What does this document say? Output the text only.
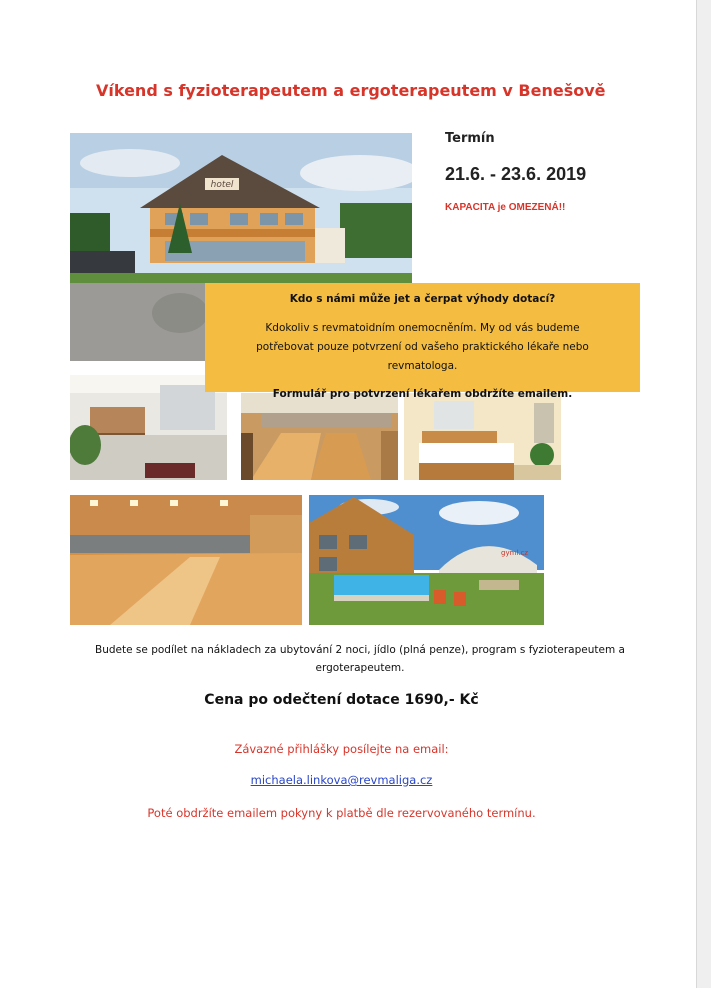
Víkend s fyzioterapeutem a ergoterapeutem v Benešově
hotel
Termín
21.6. - 23.6. 2019
KAPACITA je OMEZENÁ!!
Kdo s námi může jet a čerpat výhody dotací?
Kdokoliv s revmatoidním onemocněním. My od vás budeme potřebovat pouze potvrzení od vašeho praktického lékaře nebo revmatologa.
Formulář pro potvrzení lékařem obdržíte emailem.
gyml.cz
Budete se podílet na nákladech za ubytování 2 noci, jídlo (plná penze), program s fyzioterapeutem a ergoterapeutem.
Cena po odečtení dotace 1690,- Kč
Závazné přihlášky posílejte na email:
michaela.linkova@revmaliga.cz
Poté obdržíte emailem pokyny k platbě dle rezervovaného termínu.
